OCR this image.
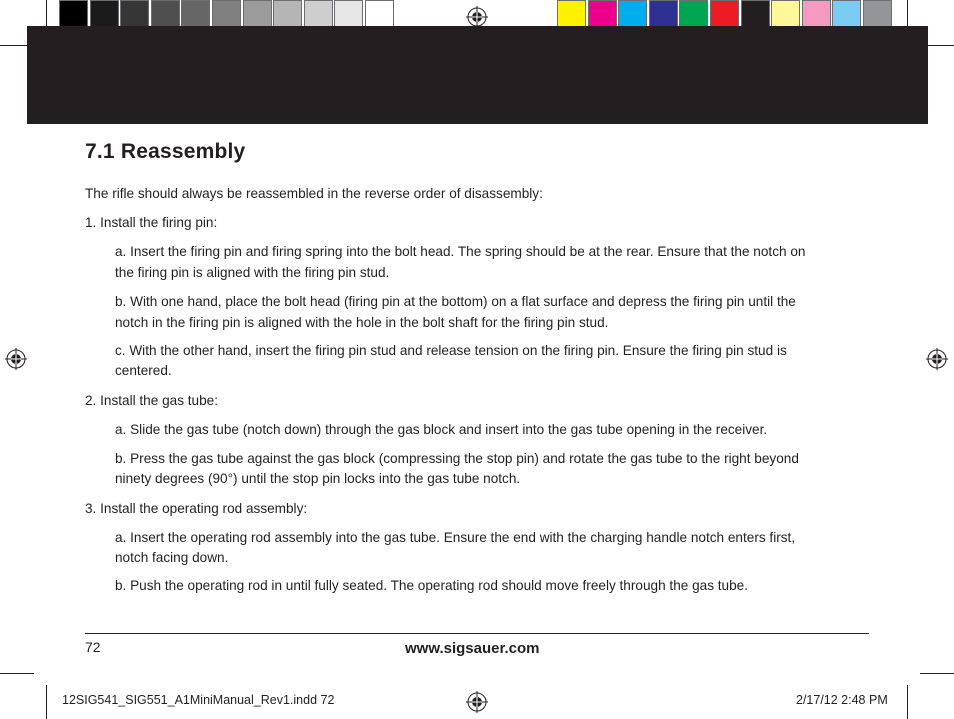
7.1 Reassembly

The rifle should always be reassembled in the reverse order of disassembly:

1. Install the firing pin:

a. Insert the firing pin and firing spring into the bolt head. The spring should be at the rear. Ensure that the notch on

the firing pin is aligned with the firing pin stud.

b. With one hand, place the bolt head (firing pin at the bottom) on a flat surface and depress the firing pin until the

notch in the firing pin is aligned with the hole in the bolt shaft for the firing pin stud.

c. With the other hand, insert the firing pin stud and release tension on the firing pin. Ensure the firing pin stud is

centered.

2. Install the gas tube:

a. Slide the gas tube (notch down) through the gas block and insert into the gas tube opening in the receiver.

b. Press the gas tube against the gas block (compressing the stop pin) and rotate the gas tube to the right beyond

ninety degrees (90°) until the stop pin locks into the gas tube notch.

3. Install the operating rod assembly:

a. Insert the operating rod assembly into the gas tube. Ensure the end with the charging handle notch enters first,

notch facing down.

b. Push the operating rod in until fully seated. The operating rod should move freely through the gas tube.

72	www.sigsauer.com
12SIG541_SIG551_A1MiniManual_Rev1.indd 72	2/17/12 2:48 PM
